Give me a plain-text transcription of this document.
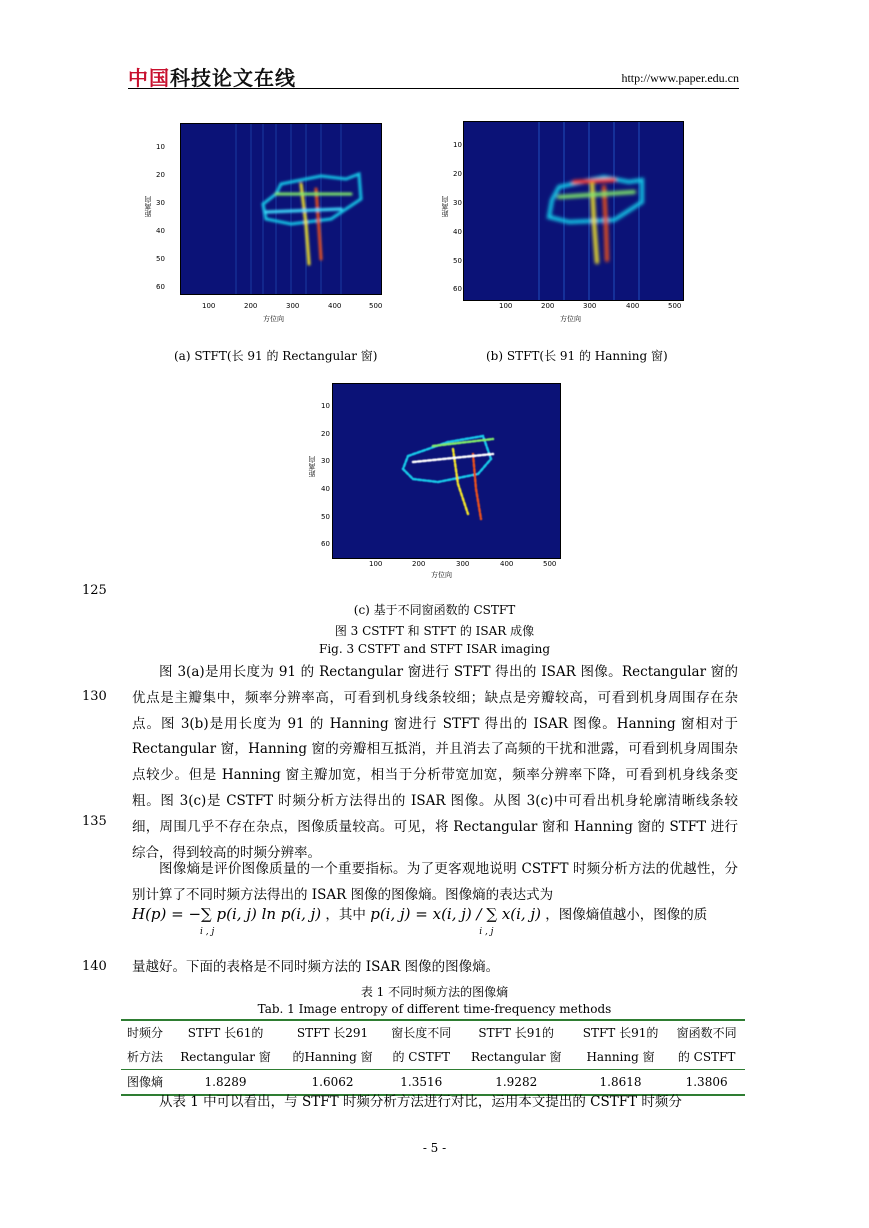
中国科技论文在线	http://www.paper.edu.cn
10
20
30
40
50
60
100	200	300	400	500
距离向
方位向
(a) STFT(长 91 的 Rectangular 窗)
10
20
30
40
50
60
100	200	300	400	500
距离向
方位向
(b) STFT(长 91 的 Hanning 窗)
10
20
30
40
50
60
100	200	300	400	500
距离向
方位向
125
130
135
140
(c) 基于不同窗函数的 CSTFT
图 3 CSTFT 和 STFT 的 ISAR 成像
Fig. 3 CSTFT and STFT ISAR imaging
图 3(a)是用长度为 91 的 Rectangular 窗进行 STFT 得出的 ISAR 图像。Rectangular 窗的优点是主瓣集中，频率分辨率高，可看到机身线条较细；缺点是旁瓣较高，可看到机身周围存在杂点。图 3(b)是用长度为 91 的 Hanning 窗进行 STFT 得出的 ISAR 图像。Hanning 窗相对于 Rectangular 窗，Hanning 窗的旁瓣相互抵消，并且消去了高频的干扰和泄露，可看到机身周围杂点较少。但是 Hanning 窗主瓣加宽，相当于分析带宽加宽，频率分辨率下降，可看到机身线条变粗。图 3(c)是 CSTFT 时频分析方法得出的 ISAR 图像。从图 3(c)中可看出机身轮廓清晰线条较细，周围几乎不存在杂点，图像质量较高。可见，将 Rectangular 窗和 Hanning 窗的 STFT 进行综合，得到较高的时频分辨率。
图像熵是评价图像质量的一个重要指标。为了更客观地说明 CSTFT 时频分析方法的优越性，分别计算了不同时频方法得出的 ISAR 图像的图像熵。图像熵的表达式为
H(p) = −∑ p(i, j) ln p(i, j)
i , j
，其中 p(i, j) = x(i, j) ∕ ∑ x(i, j)
i , j
，图像熵值越小，图像的质
量越好。下面的表格是不同时频方法的 ISAR 图像的图像熵。
表 1 不同时频方法的图像熵
Tab. 1 Image entropy of different time-frequency methods
时频分	STFT 长61的	STFT 长291	窗长度不同	STFT 长91的	STFT 长91的	窗函数不同
析方法	Rectangular 窗	的Hanning 窗	的 CSTFT	Rectangular 窗	Hanning 窗	的 CSTFT
图像熵	1.8289	1.6062	1.3516	1.9282	1.8618	1.3806
从表 1 中可以看出，与 STFT 时频分析方法进行对比，运用本文提出的 CSTFT 时频分
- 5 -
